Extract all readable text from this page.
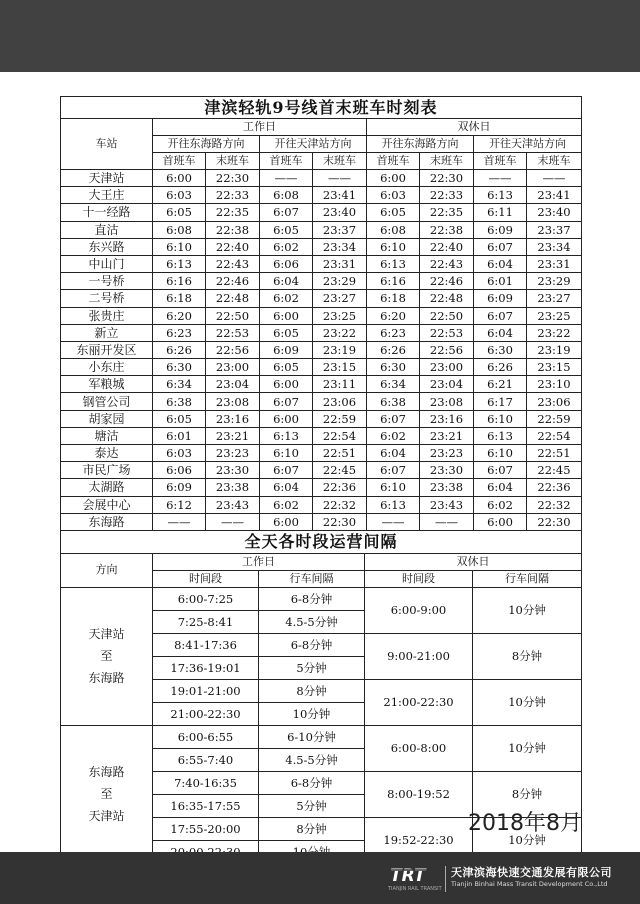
津滨轻轨9号线首末班车时刻表								
车站	工作日				双休日			
	开往东海路方向		开往天津站方向		开往东海路方向		开往天津站方向	
	首班车	末班车	首班车	末班车	首班车	末班车	首班车	末班车
天津站	6:00	22:30	——	——	6:00	22:30	——	——
大王庄	6:03	22:33	6:08	23:41	6:03	22:33	6:13	23:41
十一经路	6:05	22:35	6:07	23:40	6:05	22:35	6:11	23:40
直沽	6:08	22:38	6:05	23:37	6:08	22:38	6:09	23:37
东兴路	6:10	22:40	6:02	23:34	6:10	22:40	6:07	23:34
中山门	6:13	22:43	6:06	23:31	6:13	22:43	6:04	23:31
一号桥	6:16	22:46	6:04	23:29	6:16	22:46	6:01	23:29
二号桥	6:18	22:48	6:02	23:27	6:18	22:48	6:09	23:27
张贵庄	6:20	22:50	6:00	23:25	6:20	22:50	6:07	23:25
新立	6:23	22:53	6:05	23:22	6:23	22:53	6:04	23:22
东丽开发区	6:26	22:56	6:09	23:19	6:26	22:56	6:30	23:19
小东庄	6:30	23:00	6:05	23:15	6:30	23:00	6:26	23:15
军粮城	6:34	23:04	6:00	23:11	6:34	23:04	6:21	23:10
钢管公司	6:38	23:08	6:07	23:06	6:38	23:08	6:17	23:06
胡家园	6:05	23:16	6:00	22:59	6:07	23:16	6:10	22:59
塘沽	6:01	23:21	6:13	22:54	6:02	23:21	6:13	22:54
泰达	6:03	23:23	6:10	22:51	6:04	23:23	6:10	22:51
市民广场	6:06	23:30	6:07	22:45	6:07	23:30	6:07	22:45
太湖路	6:09	23:38	6:04	22:36	6:10	23:38	6:04	22:36
会展中心	6:12	23:43	6:02	22:32	6:13	23:43	6:02	22:32
东海路	——	——	6:00	22:30	——	——	6:00	22:30
全天各时段运营间隔				
方向	工作日		双休日	
	时间段	行车间隔	时间段	行车间隔

天津站
至
东海路	6:00-7:25	6-8分钟	6:00-9:00	10分钟
	7:25-8:41	4.5-5分钟		
	8:41-17:36	6-8分钟	9:00-21:00	8分钟
	17:36-19:01	5分钟		
	19:01-21:00	8分钟	21:00-22:30	10分钟
	21:00-22:30	10分钟		

东海路
至
天津站	6:00-6:55	6-10分钟	6:00-8:00	10分钟
	6:55-7:40	4.5-5分钟		
	7:40-16:35	6-8分钟	8:00-19:52	8分钟
	16:35-17:55	5分钟		
	17:55-20:00	8分钟	19:52-22:30	10分钟

2018年8月
TRT
TIANJIN RAIL TRANSIT
天津滨海快速交通发展有限公司
Tianjin Binhai Mass Transit Development Co.,Ltd
